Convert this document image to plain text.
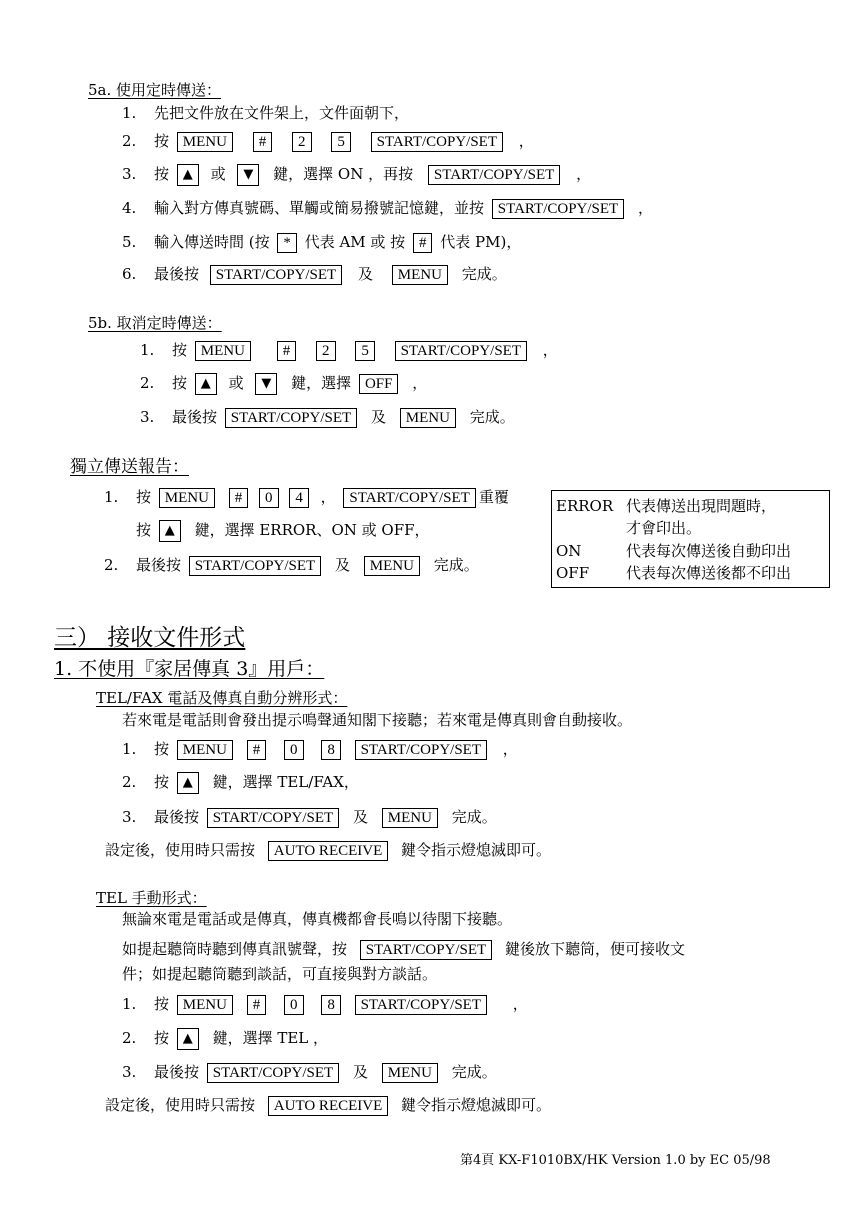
5a. 使用定時傳送：
1. 先把文件放在文件架上，文件面朝下，
2. 按 MENU # 2 5 START/COPY/SET ，
3. 按 ▲ 或 ▼ 鍵，選擇 ON ，再按 START/COPY/SET ，
4. 輸入對方傳真號碼、單觸或簡易撥號記憶鍵，並按 START/COPY/SET ，
5. 輸入傳送時間 (按 * 代表 AM 或 按 # 代表 PM)，
6. 最後按 START/COPY/SET 及 MENU 完成。
5b. 取消定時傳送：
1. 按 MENU	# 2 5 START/COPY/SET ，
2. 按 ▲ 或 ▼ 鍵，選擇 OFF ，
3. 最後按 START/COPY/SET 及 MENU 完成。
獨立傳送報告：
1. 按 MENU # 0 4 ， START/COPY/SET 重覆
按 ▲ 鍵，選擇 ERROR、ON 或 OFF，
2. 最後按 START/COPY/SET 及 MENU 完成。
ERROR 代表傳送出現問題時，
才會印出。
ON	代表每次傳送後自動印出
OFF 代表每次傳送後都不印出
三） 接收文件形式
1. 不使用『家居傳真 3』用戶：
TEL/FAX 電話及傳真自動分辨形式：
若來電是電話則會發出提示鳴聲通知閣下接聽；若來電是傳真則會自動接收。
1. 按 MENU # 0 8 START/COPY/SET ，
2. 按 ▲ 鍵，選擇 TEL/FAX，
3. 最後按 START/COPY/SET 及 MENU 完成。
設定後，使用時只需按 AUTO RECEIVE 鍵令指示燈熄滅即可。
TEL 手動形式：
無論來電是電話或是傳真，傳真機都會長鳴以待閣下接聽。
如提起聽筒時聽到傳真訊號聲，按 START/COPY/SET 鍵後放下聽筒，便可接收文
件；如提起聽筒聽到談話，可直接與對方談話。
1. 按 MENU # 0 8 START/COPY/SET ，
2. 按 ▲ 鍵，選擇 TEL ，
3. 最後按 START/COPY/SET 及 MENU 完成。
設定後，使用時只需按 AUTO RECEIVE 鍵令指示燈熄滅即可。
第4頁 KX-F1010BX/HK Version 1.0 by EC 05/98
